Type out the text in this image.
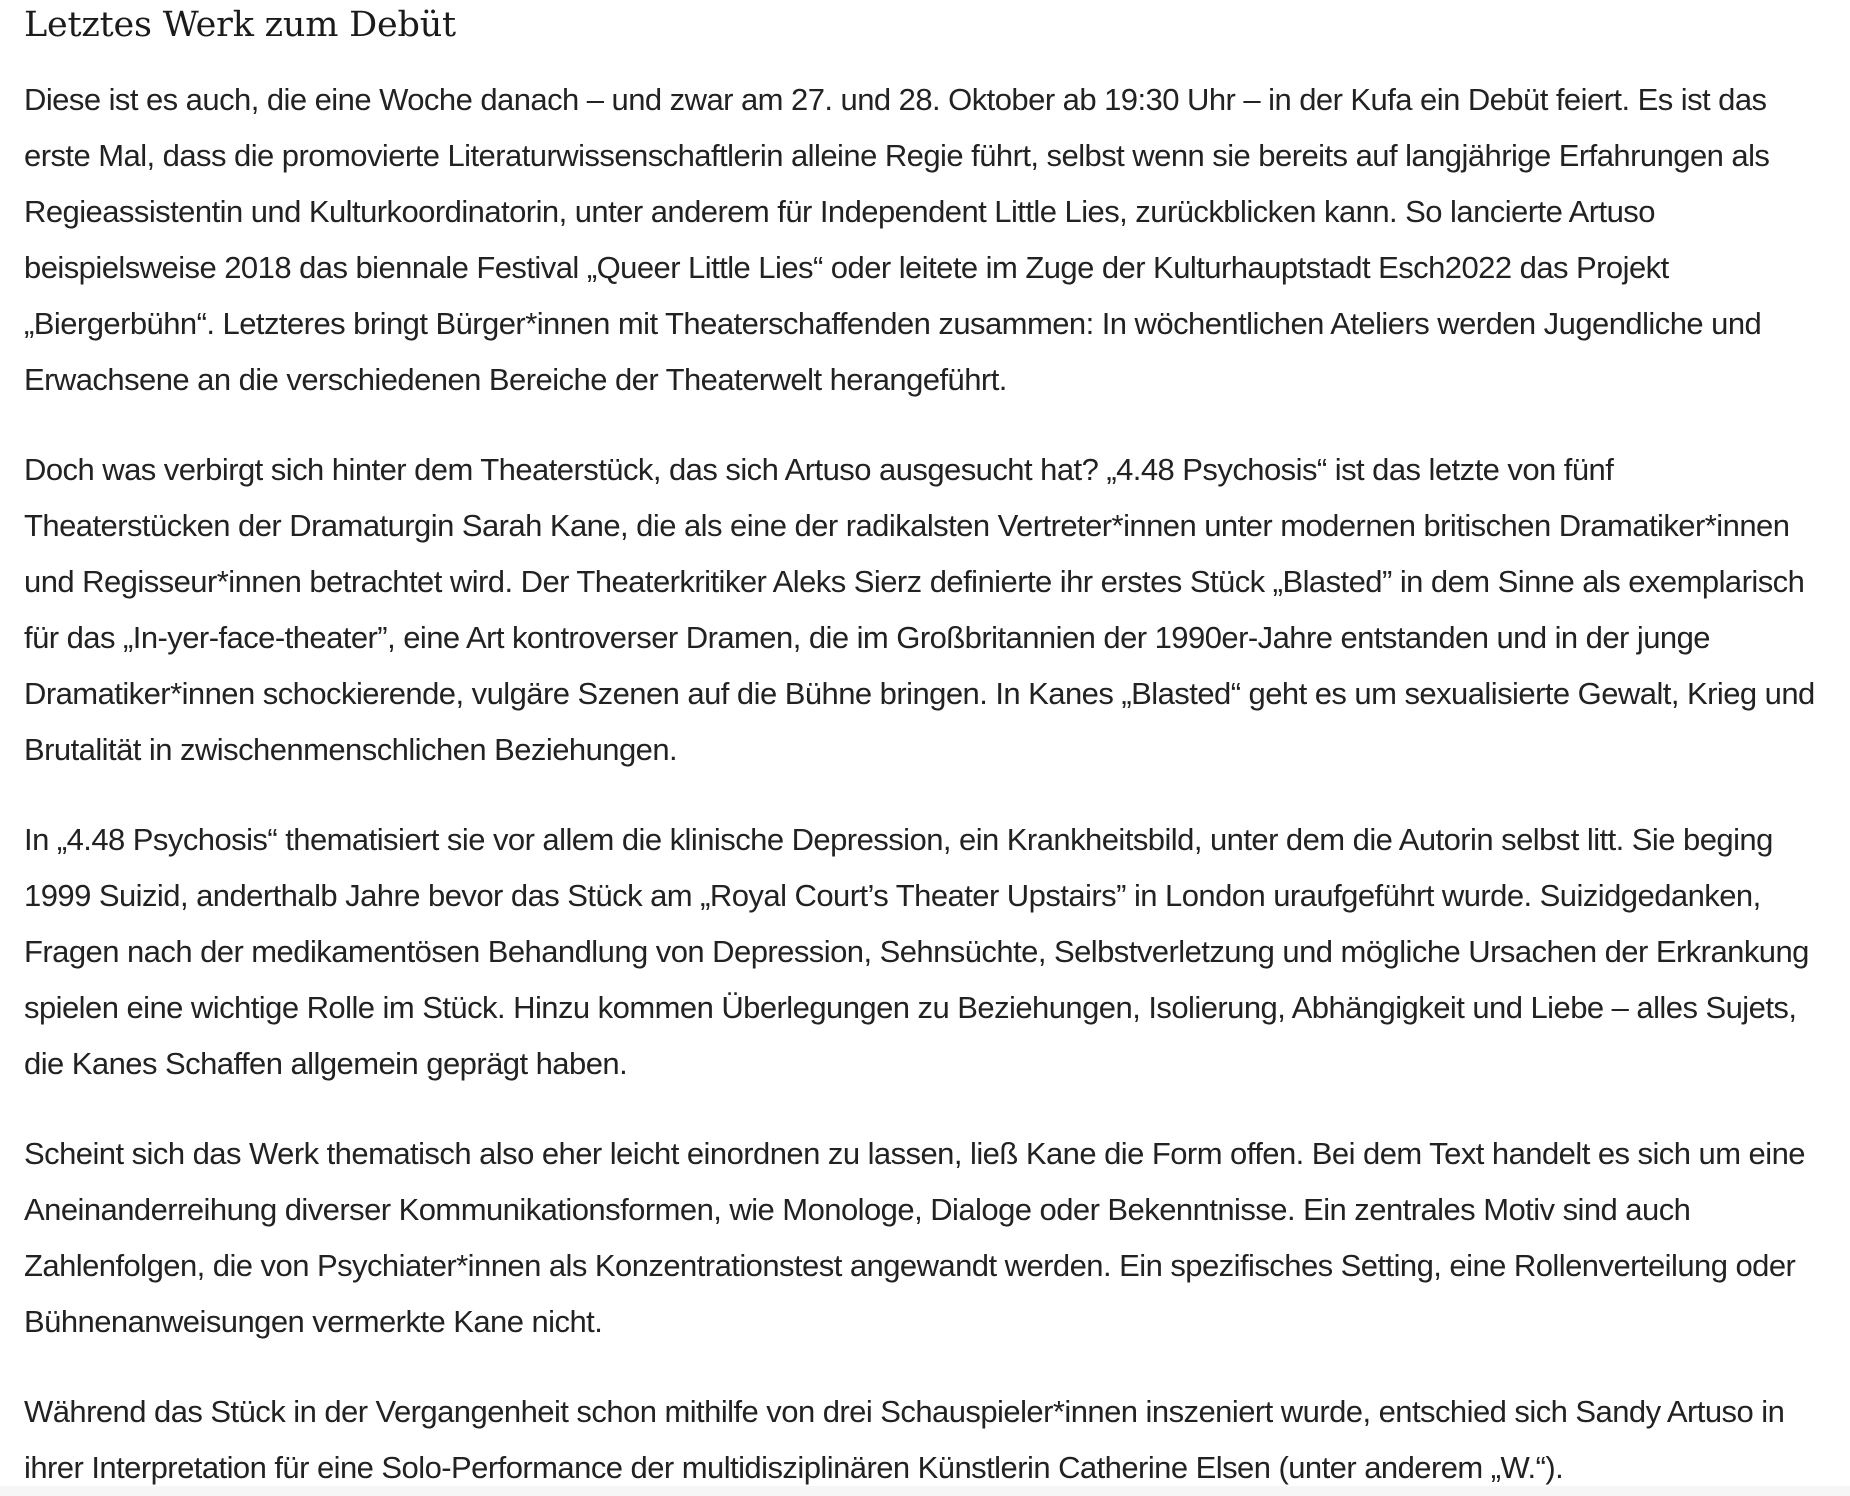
Letztes Werk zum Debüt

Diese ist es auch, die eine Woche danach – und zwar am 27. und 28. Oktober ab 19:30 Uhr – in der Kufa ein Debüt feiert. Es ist das erste Mal, dass die promovierte Literaturwissenschaftlerin alleine Regie führt, selbst wenn sie bereits auf langjährige Erfahrungen als Regieassistentin und Kulturkoordinatorin, unter anderem für Independent Little Lies, zurückblicken kann. So lancierte Artuso beispielsweise 2018 das biennale Festival „Queer Little Lies“ oder leitete im Zuge der Kulturhauptstadt Esch2022 das Projekt „Biergerbühn“. Letzteres bringt Bürger*innen mit Theaterschaffenden zusammen: In wöchentlichen Ateliers werden Jugendliche und Erwachsene an die verschiedenen Bereiche der Theaterwelt herangeführt.

Doch was verbirgt sich hinter dem Theaterstück, das sich Artuso ausgesucht hat? „4.48 Psychosis“ ist das letzte von fünf Theaterstücken der Dramaturgin Sarah Kane, die als eine der radikalsten Vertreter*innen unter modernen britischen Dramatiker*innen und Regisseur*innen betrachtet wird. Der Theaterkritiker Aleks Sierz definierte ihr erstes Stück „Blasted” in dem Sinne als exemplarisch für das „In-yer-face-theater”, eine Art kontroverser Dramen, die im Großbritannien der 1990er-Jahre entstanden und in der junge Dramatiker*innen schockierende, vulgäre Szenen auf die Bühne bringen. In Kanes „Blasted“ geht es um sexualisierte Gewalt, Krieg und Brutalität in zwischenmenschlichen Beziehungen.

In „4.48 Psychosis“ thematisiert sie vor allem die klinische Depression, ein Krankheitsbild, unter dem die Autorin selbst litt. Sie beging 1999 Suizid, anderthalb Jahre bevor das Stück am „Royal Court’s Theater Upstairs” in London uraufgeführt wurde. Suizidgedanken, Fragen nach der medikamentösen Behandlung von Depression, Sehnsüchte, Selbstverletzung und mögliche Ursachen der Erkrankung spielen eine wichtige Rolle im Stück. Hinzu kommen Überlegungen zu Beziehungen, Isolierung, Abhängigkeit und Liebe – alles Sujets, die Kanes Schaffen allgemein geprägt haben.

Scheint sich das Werk thematisch also eher leicht einordnen zu lassen, ließ Kane die Form offen. Bei dem Text handelt es sich um eine Aneinanderreihung diverser Kommunikationsformen, wie Monologe, Dialoge oder Bekenntnisse. Ein zentrales Motiv sind auch Zahlenfolgen, die von Psychiater*innen als Konzentrationstest angewandt werden. Ein spezifisches Setting, eine Rollenverteilung oder Bühnenanweisungen vermerkte Kane nicht.

Während das Stück in der Vergangenheit schon mithilfe von drei Schauspieler*innen inszeniert wurde, entschied sich Sandy Artuso in ihrer Interpretation für eine Solo-Performance der multidisziplinären Künstlerin Catherine Elsen (unter anderem „W.“).
